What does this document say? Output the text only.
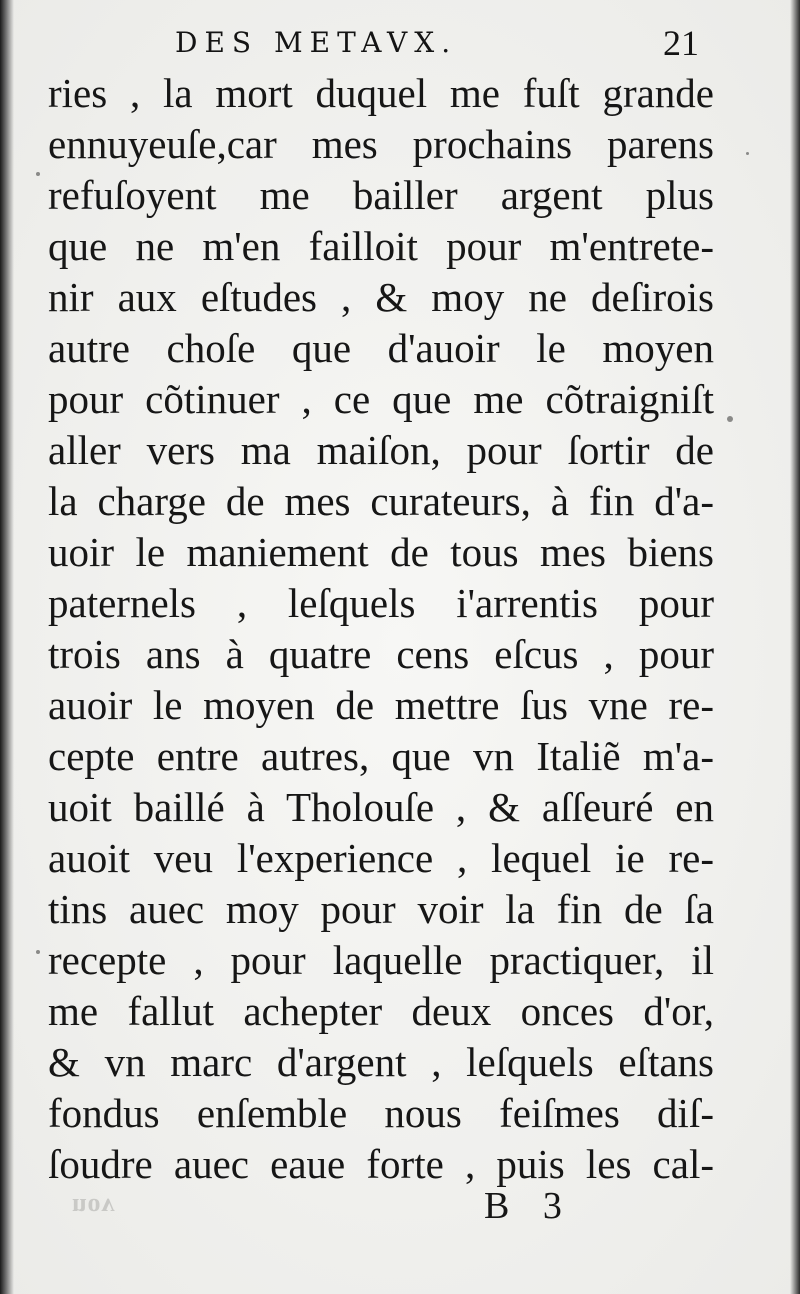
DES METAVX.	21
ries , la mort duquel me fuſt grande
ennuyeuſe,car mes prochains parens
refuſoyent me bailler argent plus
que ne m'en failloit pour m'entrete-
nir aux eſtudes , & moy ne deſirois
autre choſe que d'auoir le moyen
pour cõtinuer , ce que me cõtraigniſt
aller vers ma maiſon, pour ſortir de
la charge de mes curateurs, à fin d'a-
uoir le maniement de tous mes biens
paternels , leſquels i'arrentis pour
trois ans à quatre cens eſcus , pour
auoir le moyen de mettre ſus vne re-
cepte entre autres, que vn Italiẽ m'a-
uoit baillé à Tholouſe , & aſſeuré en
auoit veu l'experience , lequel ie re-
tins auec moy pour voir la fin de ſa
recepte , pour laquelle practiquer, il
me fallut achepter deux onces d'or,
& vn marc d'argent , leſquels eſtans
fondus enſemble nous feiſmes diſ-
ſoudre auec eaue forte , puis les cal-
nov	B 3
